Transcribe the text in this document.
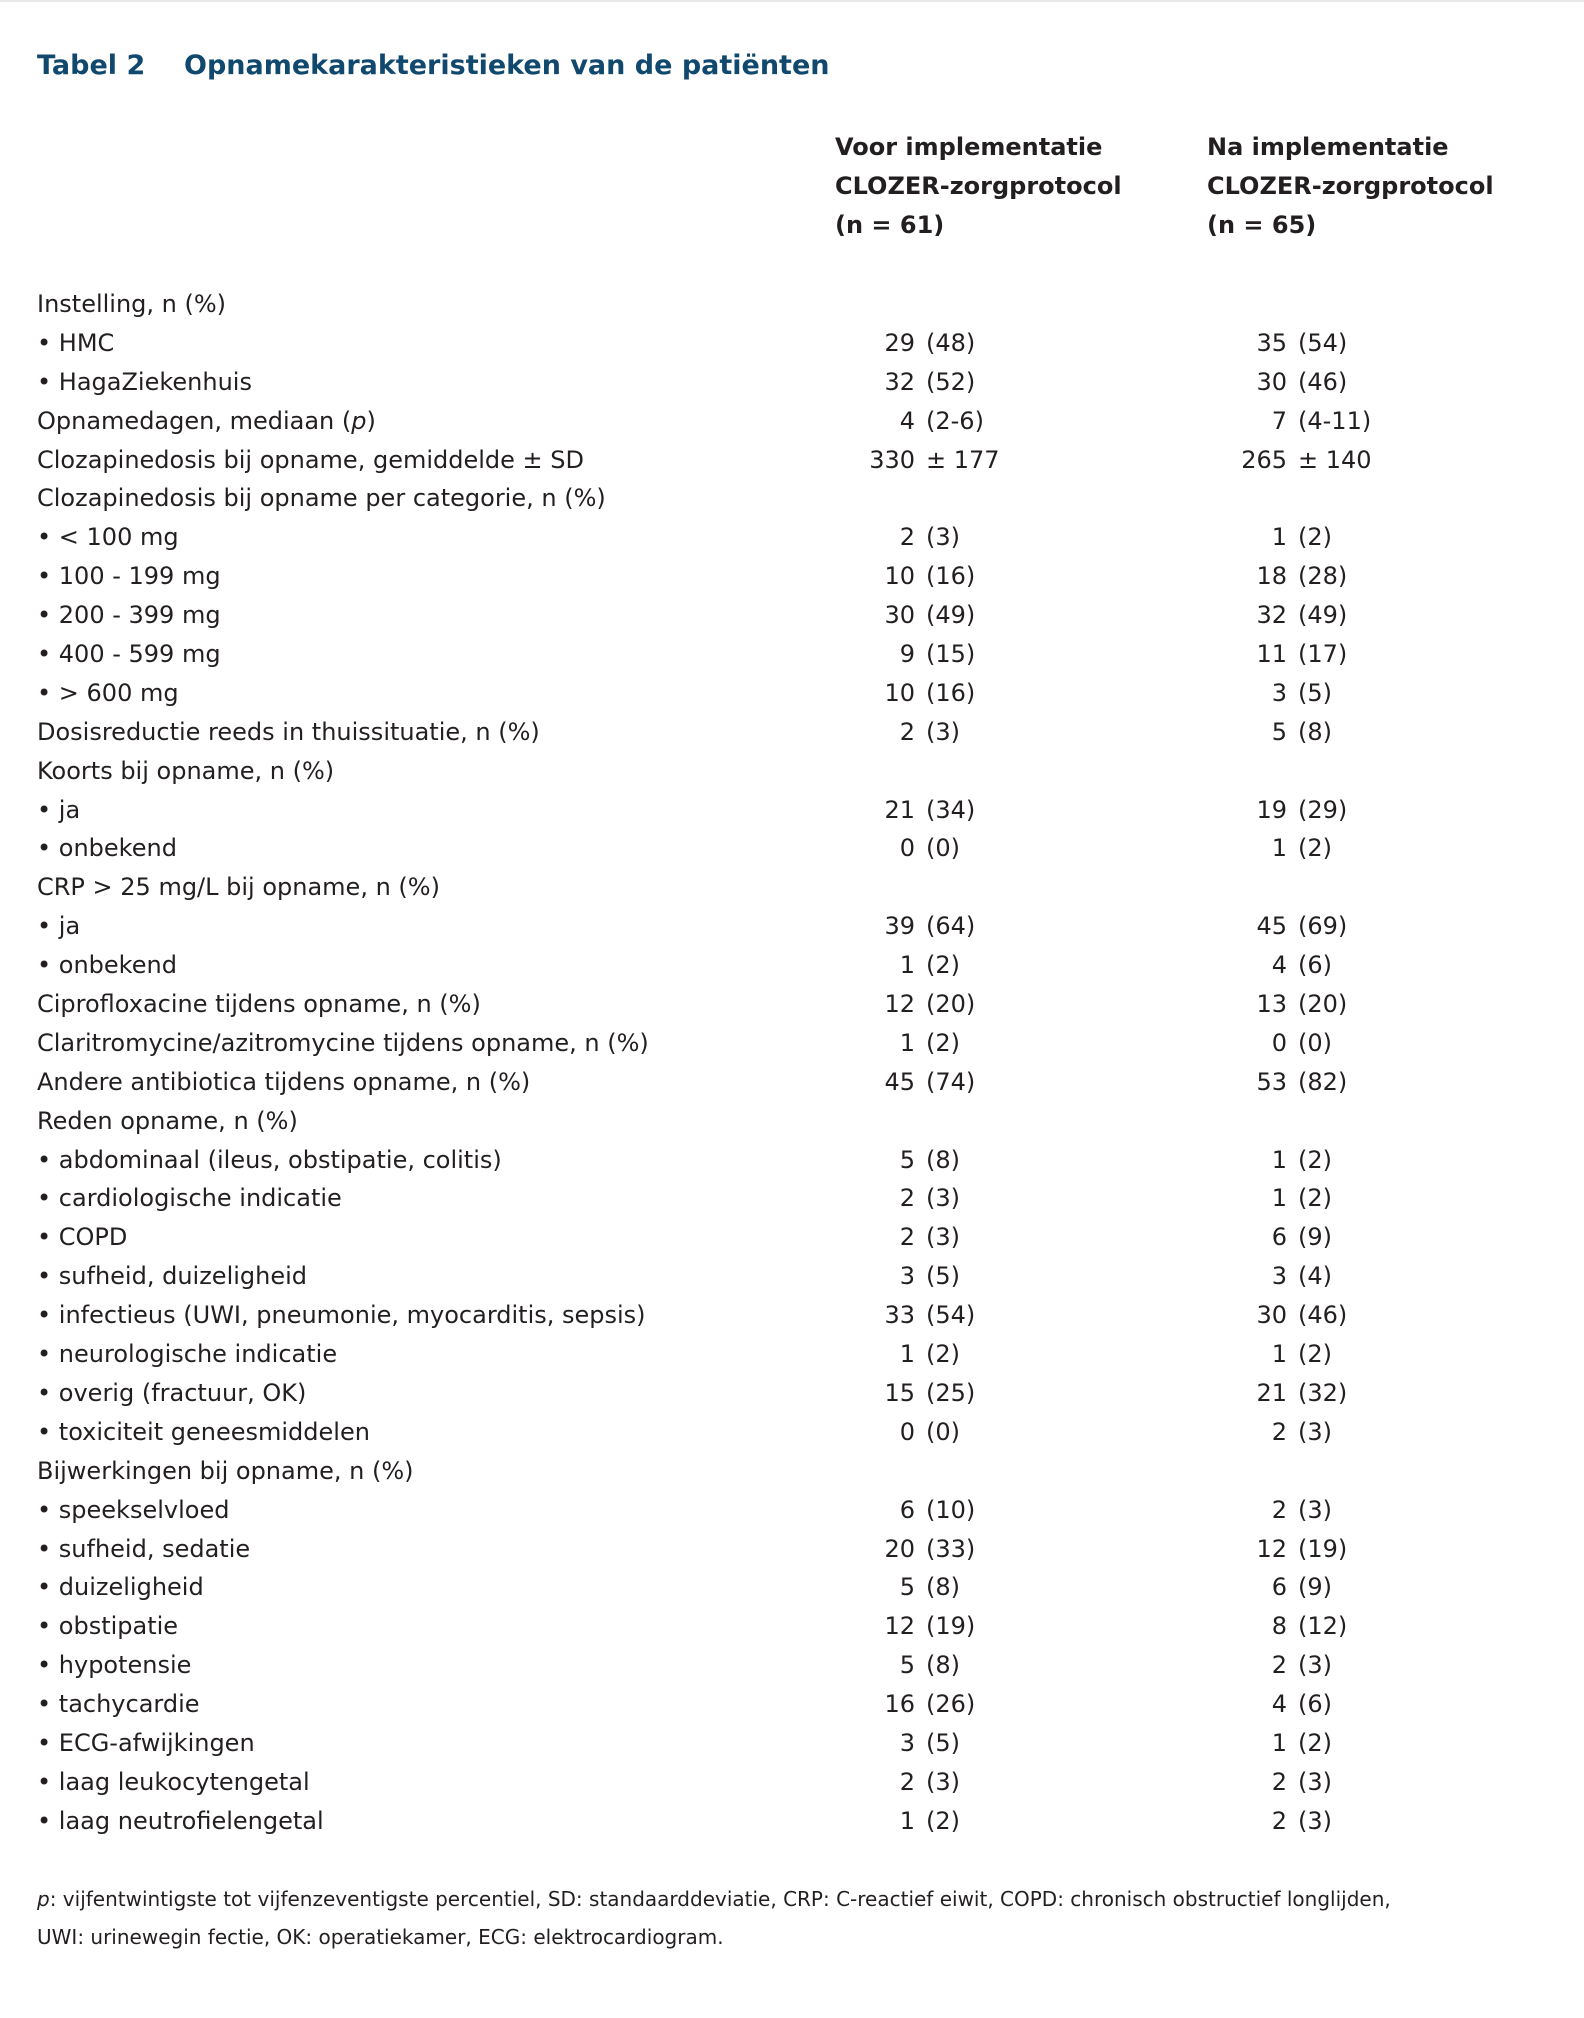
Tabel 2 Opnamekarakteristieken van de patiënten
Voor implementatie
CLOZER-zorgprotocol
(n = 61)
Na implementatie
CLOZER-zorgprotocol
(n = 65)
Instelling, n (%)
• HMC	29 (48)	35 (54)
• HagaZiekenhuis	32 (52)	30 (46)
Opnamedagen, mediaan (p)	4 (2-6)	7 (4-11)
Clozapinedosis bij opname, gemiddelde ± SD	330 ± 177	265 ± 140
Clozapinedosis bij opname per categorie, n (%)
• < 100 mg	2 (3)	1 (2)
• 100 - 199 mg	10 (16)	18 (28)
• 200 - 399 mg	30 (49)	32 (49)
• 400 - 599 mg	9 (15)	11 (17)
• > 600 mg	10 (16)	3 (5)
Dosisreductie reeds in thuissituatie, n (%)	2 (3)	5 (8)
Koorts bij opname, n (%)
• ja	21 (34)	19 (29)
• onbekend	0 (0)	1 (2)
CRP > 25 mg/L bij opname, n (%)
• ja	39 (64)	45 (69)
• onbekend	1 (2)	4 (6)
Ciprofloxacine tijdens opname, n (%)	12 (20)	13 (20)
Claritromycine/azitromycine tijdens opname, n (%)	1 (2)	0 (0)
Andere antibiotica tijdens opname, n (%)	45 (74)	53 (82)
Reden opname, n (%)
• abdominaal (ileus, obstipatie, colitis)	5 (8)	1 (2)
• cardiologische indicatie	2 (3)	1 (2)
• COPD	2 (3)	6 (9)
• sufheid, duizeligheid	3 (5)	3 (4)
• infectieus (UWI, pneumonie, myocarditis, sepsis)	33 (54)	30 (46)
• neurologische indicatie	1 (2)	1 (2)
• overig (fractuur, OK)	15 (25)	21 (32)
• toxiciteit geneesmiddelen	0 (0)	2 (3)
Bijwerkingen bij opname, n (%)
• speekselvloed	6 (10)	2 (3)
• sufheid, sedatie	20 (33)	12 (19)
• duizeligheid	5 (8)	6 (9)
• obstipatie	12 (19)	8 (12)
• hypotensie	5 (8)	2 (3)
• tachycardie	16 (26)	4 (6)
• ECG-afwijkingen	3 (5)	1 (2)
• laag leukocytengetal	2 (3)	2 (3)
• laag neutrofielengetal	1 (2)	2 (3)
p: vijfentwintigste tot vijfenzeventigste percentiel, SD: standaarddeviatie, CRP: C-reactief eiwit, COPD: chronisch obstructief longlijden,
UWI: urinewegin fectie, OK: operatiekamer, ECG: elektrocardiogram.
